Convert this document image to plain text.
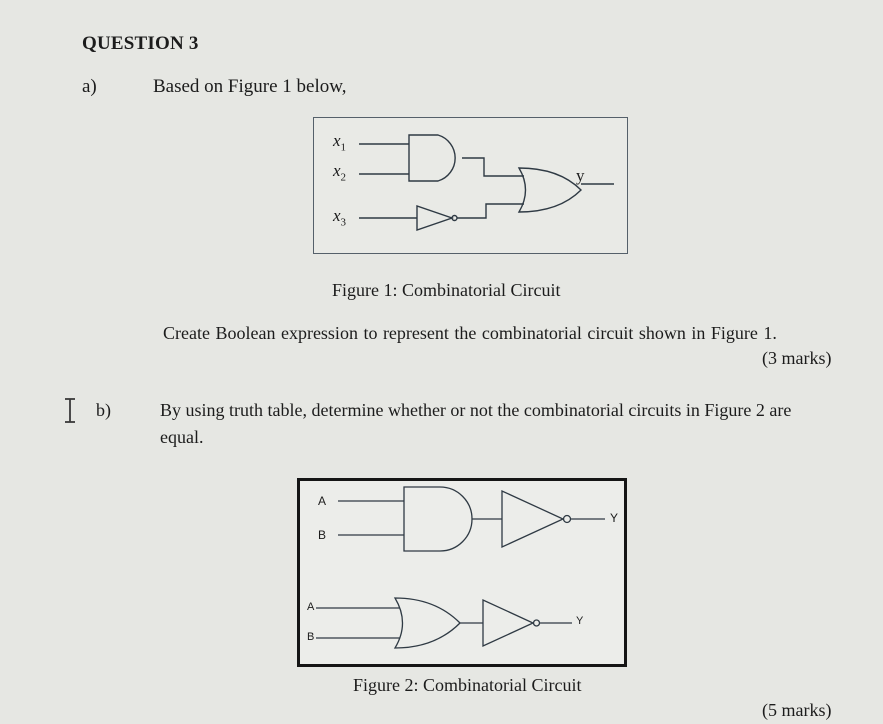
QUESTION 3
a)	Based on Figure 1 below,
$x_1$
$x_2$
$x_3$
y
Figure 1: Combinatorial Circuit
Create Boolean expression to represent the combinatorial circuit shown in Figure 1.
(3 marks)
b)	By using truth table, determine whether or not the combinatorial circuits in Figure 2 are
equal.
A
B
Y
A
B
Y
Figure 2: Combinatorial Circuit
(5 marks)
